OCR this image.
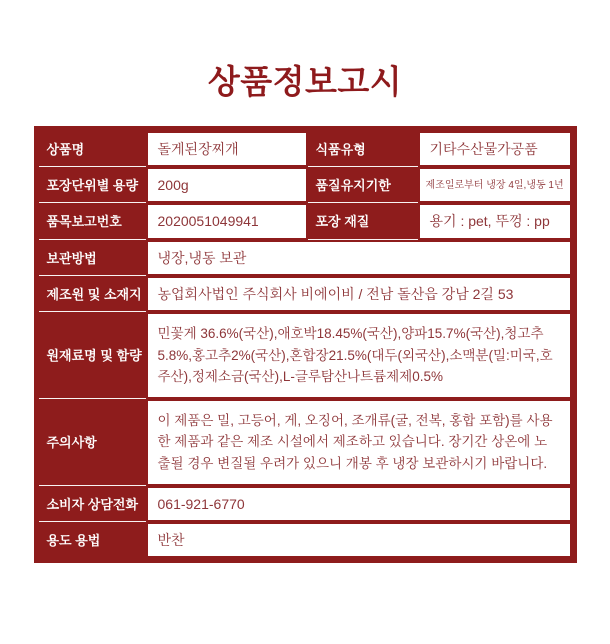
상품정보고시
상품명	돌게된장찌개	식품유형	기타수산물가공품
포장단위별 용량	200g	품질유지기한	제조일로부터 냉장 4일,냉동 1년
품목보고번호	2020051049941	포장 재질	용기 : pet, 뚜껑 : pp
보관방법	냉장,냉동 보관		
제조원 및 소재지	농업회사법인 주식회사 비에이비 / 전남 돌산읍 강남 2길 53		
원재료명 및 함량	민꽃게 36.6%(국산),애호박18.45%(국산),양파15.7%(국산),청고추5.8%,홍고추2%(국산),혼합장21.5%(대두(외국산),소맥분(밀:미국,호주산),정제소금(국산),L-글루탐산나트륨제제0.5%		
주의사항	이 제품은 밀, 고등어, 게, 오징어, 조개류(굴, 전복, 홍합 포함)를 사용한 제품과 같은 제조 시설에서 제조하고 있습니다. 장기간 상온에 노출될 경우 변질될 우려가 있으니 개봉 후 냉장 보관하시기 바랍니다.		
소비자 상담전화	061-921-6770		
용도 용법	반찬		
